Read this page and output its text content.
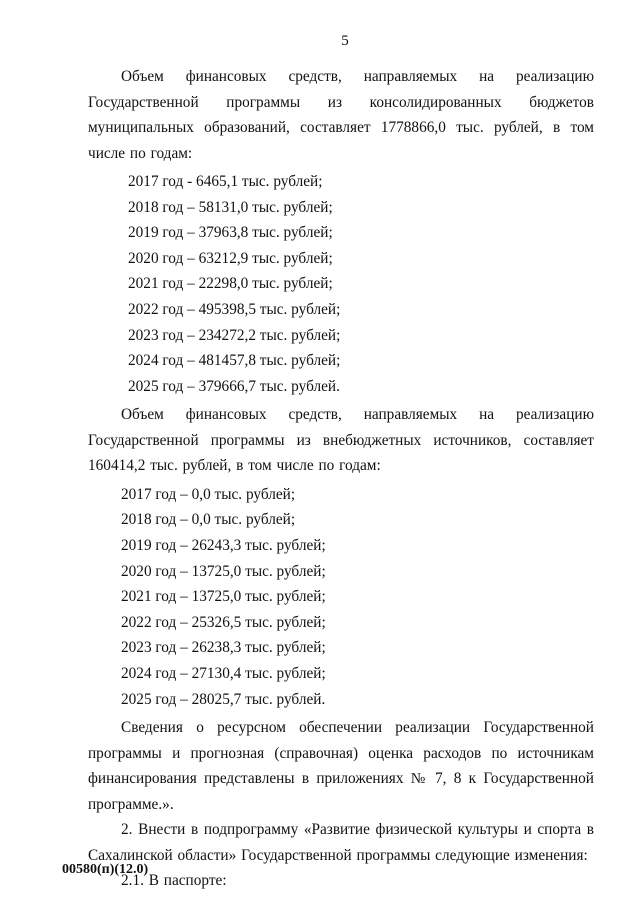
5

Объем финансовых средств, направляемых на реализацию Государственной программы из консолидированных бюджетов муниципальных образований, составляет 1778866,0 тыс. рублей, в том числе по годам:

2017 год - 6465,1 тыс. рублей;
2018 год – 58131,0 тыс. рублей;
2019 год – 37963,8 тыс. рублей;
2020 год – 63212,9 тыс. рублей;
2021 год – 22298,0 тыс. рублей;
2022 год – 495398,5 тыс. рублей;
2023 год – 234272,2 тыс. рублей;
2024 год – 481457,8 тыс. рублей;
2025 год – 379666,7 тыс. рублей.

Объем финансовых средств, направляемых на реализацию Государственной программы из внебюджетных источников, составляет 160414,2 тыс. рублей, в том числе по годам:

2017 год – 0,0 тыс. рублей;
2018 год – 0,0 тыс. рублей;
2019 год – 26243,3 тыс. рублей;
2020 год – 13725,0 тыс. рублей;
2021 год – 13725,0 тыс. рублей;
2022 год – 25326,5 тыс. рублей;
2023 год – 26238,3 тыс. рублей;
2024 год – 27130,4 тыс. рублей;
2025 год – 28025,7 тыс. рублей.

Сведения о ресурсном обеспечении реализации Государственной программы и прогнозная (справочная) оценка расходов по источникам финансирования представлены в приложениях № 7, 8 к Государственной программе.».

2. Внести в подпрограмму «Развитие физической культуры и спорта в Сахалинской области» Государственной программы следующие изменения:

2.1. В паспорте:

00580(п)(12.0)
